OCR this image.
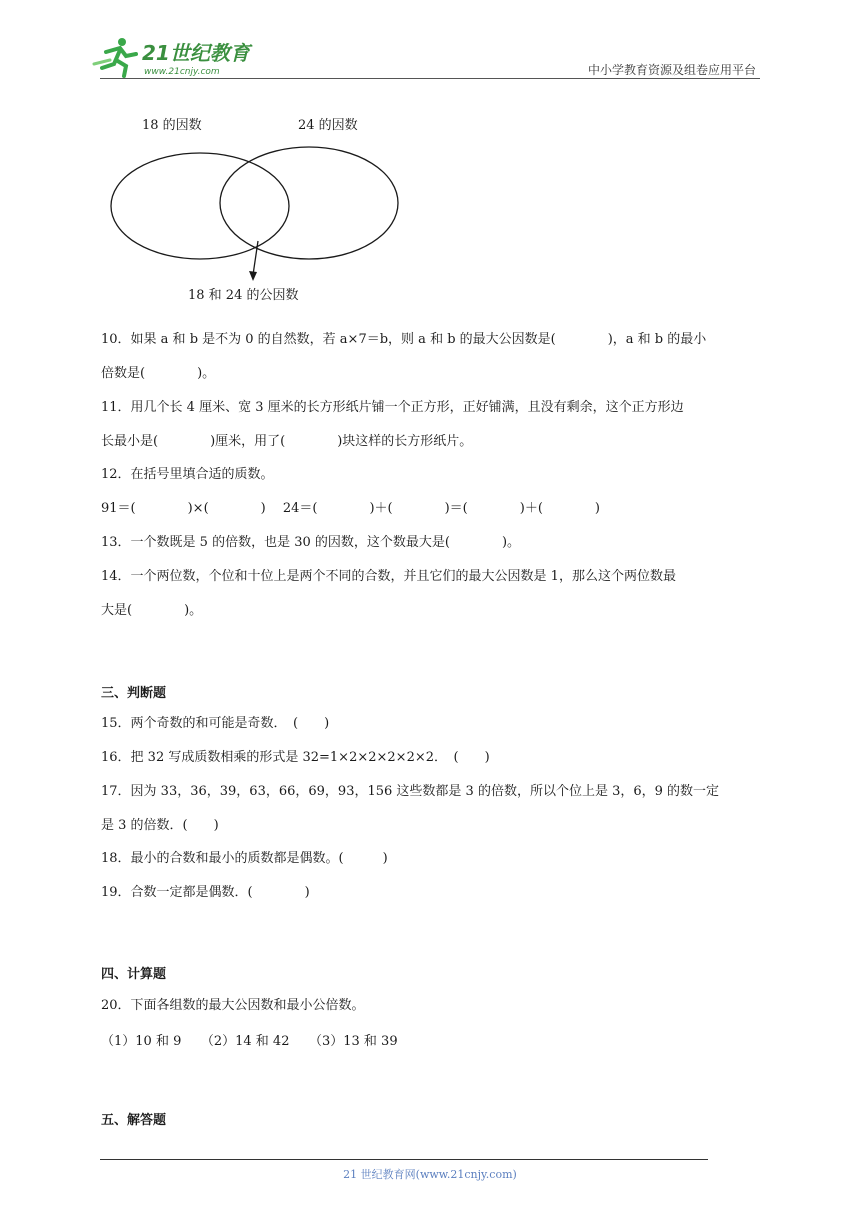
21世纪教育
www.21cnjy.com	中小学教育资源及组卷应用平台
18 的因数	24 的因数
18 和 24 的公因数
10．如果 a 和 b 是不为 0 的自然数，若 a×7＝b，则 a 和 b 的最大公因数是(　　　　)，a 和 b 的最小
倍数是(　　　　)。
11．用几个长 4 厘米、宽 3 厘米的长方形纸片铺一个正方形，正好铺满，且没有剩余，这个正方形边
长最小是(　　　　)厘米，用了(　　　　)块这样的长方形纸片。
12．在括号里填合适的质数。
91＝(　　　　)×(　　　　)　 24＝(　　　　)＋(　　　　)＝(　　　　)＋(　　　　)
13．一个数既是 5 的倍数，也是 30 的因数，这个数最大是(　　　　)。
14．一个两位数，个位和十位上是两个不同的合数，并且它们的最大公因数是 1，那么这个两位数最
大是(　　　　)。
三、判断题
15．两个奇数的和可能是奇数．　(　　)
16．把 32 写成质数相乘的形式是 32=1×2×2×2×2×2．　(　　)
17．因为 33，36，39，63，66，69，93，156 这些数都是 3 的倍数，所以个位上是 3，6，9 的数一定
是 3 的倍数．(　　)
18．最小的合数和最小的质数都是偶数。(　　　)
19．合数一定都是偶数．(　　　　)
四、计算题
20．下面各组数的最大公因数和最小公倍数。
（1）10 和 9　　（2）14 和 42　　（3）13 和 39
五、解答题
21 世纪教育网(www.21cnjy.com)
